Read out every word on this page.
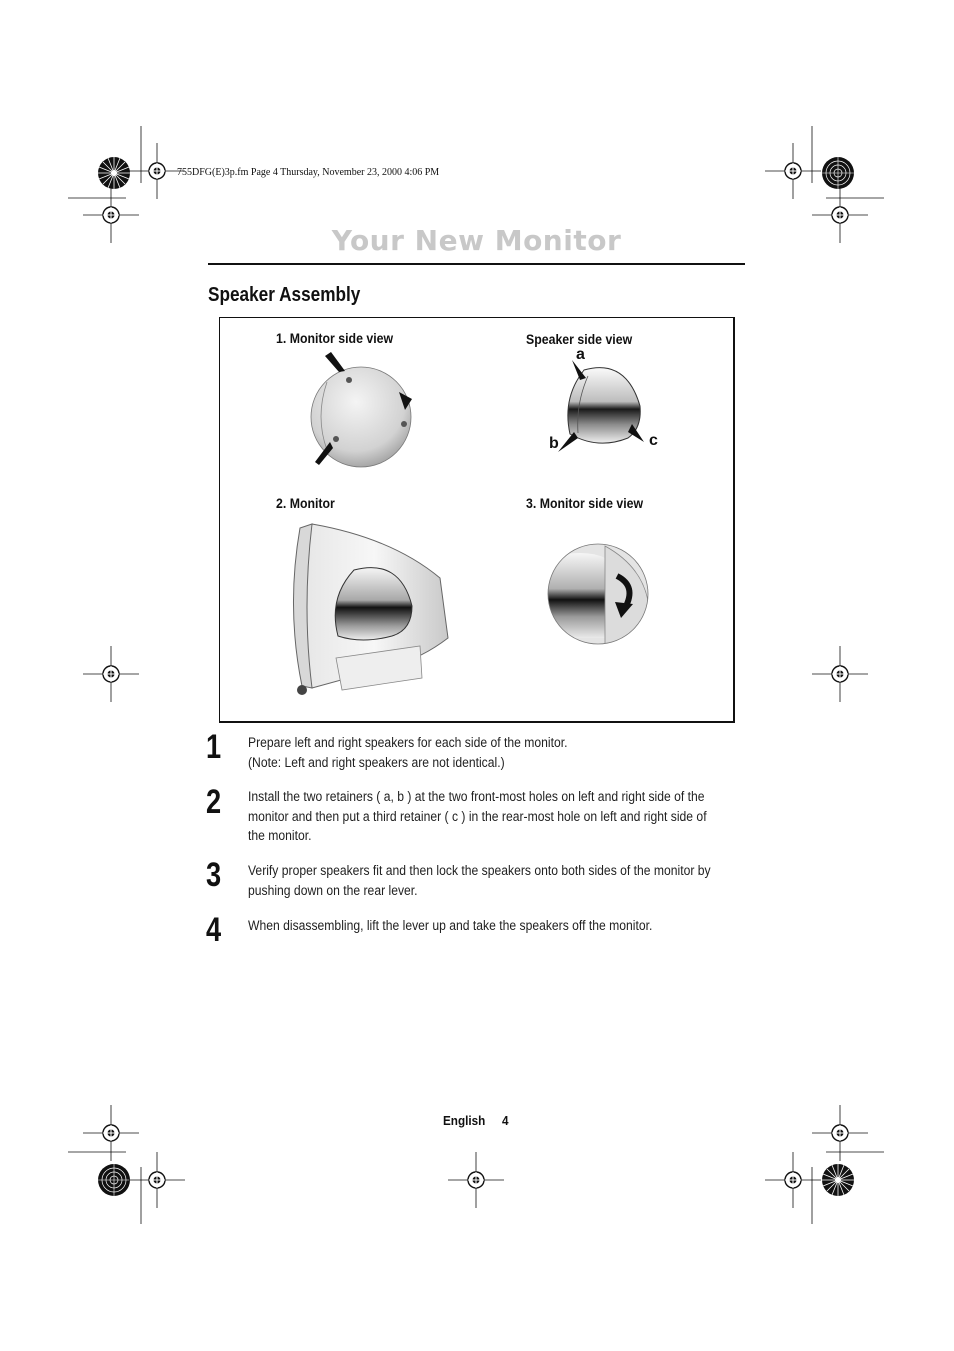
755DFG(E)3p.fm Page 4 Thursday, November 23, 2000 4:06 PM
Your New Monitor
Speaker Assembly
1. Monitor side view	Speaker side view
2. Monitor	3. Monitor side view
a
b	c
1 Prepare left and right speakers for each side of the monitor.
(Note: Left and right speakers are not identical.)
2 Install the two retainers ( a, b ) at the two front-most holes on left and right side of the
monitor and then put a third retainer ( c ) in the rear-most hole on left and right side of
the monitor.
3 Verify proper speakers fit and then lock the speakers onto both sides of the monitor by
pushing down on the rear lever.
4 When disassembling, lift the lever up and take the speakers off the monitor.
English 4
